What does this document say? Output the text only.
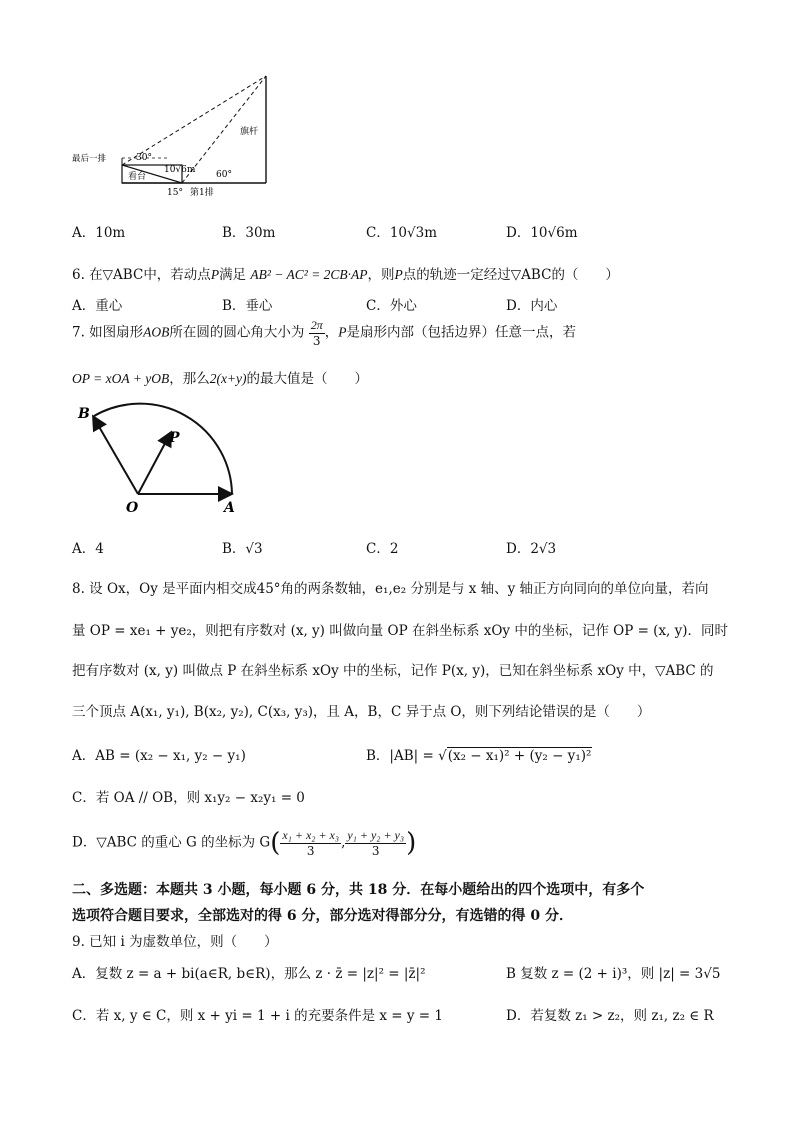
最后一排	30°
10√6m
看台
15° 第1排
60°
旗杆
A．10m	B．30m	C．10√3m	D．10√6m
6. 在▽ABC中，若动点P满足 AB² − AC² = 2CB·AP，则P点的轨迹一定经过▽ABC的（　　）
A．重心	B．垂心	C．外心	D．内心
7. 如图扇形AOB所在圆的圆心角大小为 $\frac{2\pi}{3}$ ，P是扇形内部（包括边界）任意一点，若
OP = xOA + yOB，那么2(x+y)的最大值是（　　）
B
P
O	A
A．4	B．√3	C．2	D．2√3
8. 设 Ox，Oy 是平面内相交成45°角的两条数轴，e₁,e₂ 分别是与 x 轴、y 轴正方向同向的单位向量，若向
量 OP = xe₁ + ye₂，则把有序数对 (x, y) 叫做向量 OP 在斜坐标系 xOy 中的坐标，记作 OP = (x, y)．同时
把有序数对 (x, y) 叫做点 P 在斜坐标系 xOy 中的坐标，记作 P(x, y)，已知在斜坐标系 xOy 中，▽ABC 的
三个顶点 A(x₁, y₁), B(x₂, y₂), C(x₃, y₃)，且 A，B，C 异于点 O，则下列结论错误的是（　　）
A．AB = (x₂ − x₁, y₂ − y₁)	B．|AB| = √(x₂ − x₁)² + (y₂ − y₁)²
C．若 OA // OB，则 x₁y₂ − x₂y₁ = 0
D．▽ABC 的重心 G 的坐标为 $G( \frac{\text{x₁ + x₂ + x₃}}{3}$ , $\frac{\text{y₁ + y₂ + y₃}}{3}$ )
二、多选题：本题共 3 小题，每小题 6 分，共 18 分．在每小题给出的四个选项中，有多个
选项符合题目要求，全部选对的得 6 分，部分选对得部分分，有选错的得 0 分．
9. 已知 i 为虚数单位，则（　　）
A．复数 z = a + bi(a∈R, b∈R)，那么 z · z̄ = |z|² = |z̄|²	B 复数 z = (2 + i)³，则 |z| = 3√5
C．若 x, y ∈ C，则 x + yi = 1 + i 的充要条件是 x = y = 1	D．若复数 z₁ > z₂，则 z₁, z₂ ∈ R
